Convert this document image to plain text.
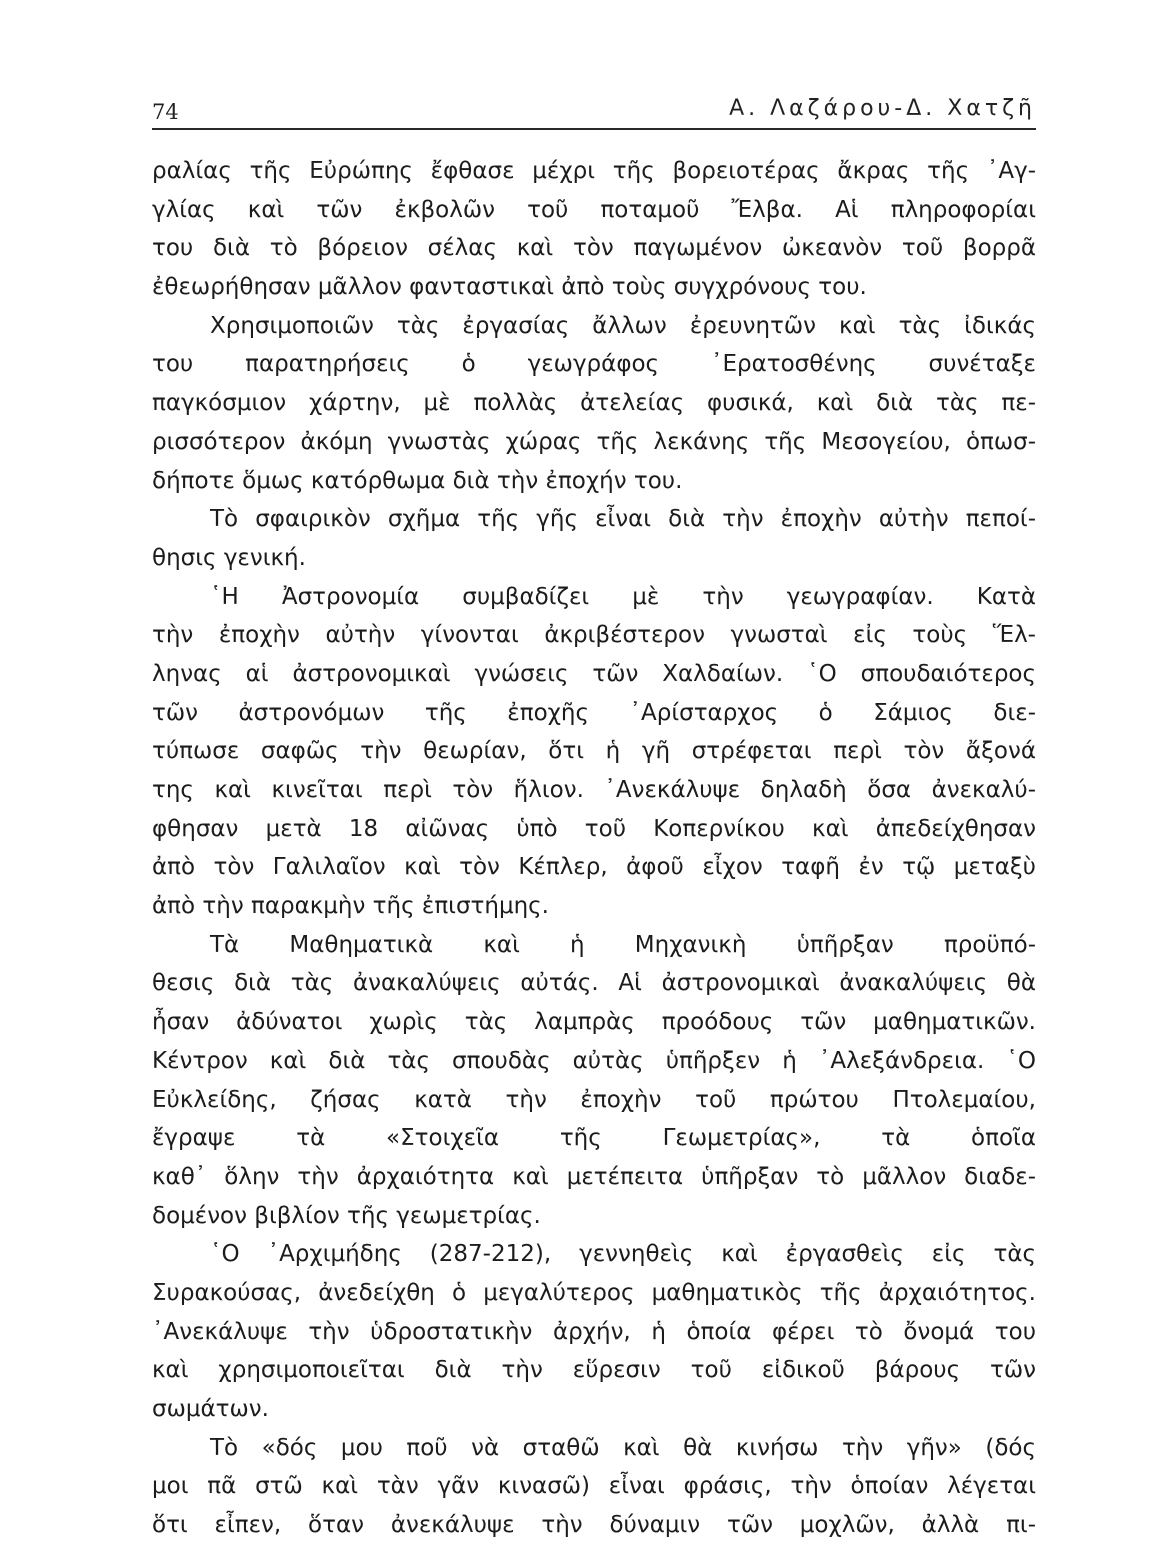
74	Α. Λαζάρου-Δ. Χατζῆ
ραλίας τῆς Εὐρώπης ἔφθασε μέχρι τῆς βορειοτέρας ἄκρας τῆς ᾿Αγ-
γλίας καὶ τῶν ἐκβολῶν τοῦ ποταμοῦ Ἔλβα. Αἱ πληροφορίαι
του διὰ τὸ βόρειον σέλας καὶ τὸν παγωμένον ὠκεανὸν τοῦ βορρᾶ
ἐθεωρήθησαν μᾶλλον φανταστικαὶ ἀπὸ τοὺς συγχρόνους του.
Χρησιμοποιῶν τὰς ἐργασίας ἄλλων ἐρευνητῶν καὶ τὰς ἰδικάς
του παρατηρήσεις ὁ γεωγράφος ᾿Ερατοσθένης συνέταξε
παγκόσμιον χάρτην, μὲ πολλὰς ἀτελείας φυσικά, καὶ διὰ τὰς πε-
ρισσότερον ἀκόμη γνωστὰς χώρας τῆς λεκάνης τῆς Μεσογείου, ὁπωσ-
δήποτε ὅμως κατόρθωμα διὰ τὴν ἐποχήν του.
Τὸ σφαιρικὸν σχῆμα τῆς γῆς εἶναι διὰ τὴν ἐποχὴν αὐτὴν πεποί-
θησις γενική.
῾Η Ἀστρονομία συμβαδίζει μὲ τὴν γεωγραφίαν. Κατὰ
τὴν ἐποχὴν αὐτὴν γίνονται ἀκριβέστερον γνωσταὶ εἰς τοὺς Ἕλ-
ληνας αἱ ἀστρονομικαὶ γνώσεις τῶν Χαλδαίων. ῾Ο σπουδαιότερος
τῶν ἀστρονόμων τῆς ἐποχῆς ᾿Αρίσταρχος ὁ Σάμιος διε-
τύπωσε σαφῶς τὴν θεωρίαν, ὅτι ἡ γῆ στρέφεται περὶ τὸν ἄξονά
της καὶ κινεῖται περὶ τὸν ἥλιον. ᾿Ανεκάλυψε δηλαδὴ ὅσα ἀνεκαλύ-
φθησαν μετὰ 18 αἰῶνας ὑπὸ τοῦ Κοπερνίκου καὶ ἀπεδείχθησαν
ἀπὸ τὸν Γαλιλαῖον καὶ τὸν Κέπλερ, ἀφοῦ εἶχον ταφῆ ἐν τῷ μεταξὺ
ἀπὸ τὴν παρακμὴν τῆς ἐπιστήμης.
Τὰ Μαθηματικὰ καὶ ἡ Μηχανικὴ ὑπῆρξαν προϋπό-
θεσις διὰ τὰς ἀνακαλύψεις αὐτάς. Αἱ ἀστρονομικαὶ ἀνακαλύψεις θὰ
ἦσαν ἀδύνατοι χωρὶς τὰς λαμπρὰς προόδους τῶν μαθηματικῶν.
Κέντρον καὶ διὰ τὰς σπουδὰς αὐτὰς ὑπῆρξεν ἡ ᾿Αλεξάνδρεια. ῾Ο
Εὐκλείδης, ζήσας κατὰ τὴν ἐποχὴν τοῦ πρώτου Πτολεμαίου,
ἔγραψε τὰ «Στοιχεῖα τῆς Γεωμετρίας», τὰ ὁποῖα
καθ᾿ ὅλην τὴν ἀρχαιότητα καὶ μετέπειτα ὑπῆρξαν τὸ μᾶλλον διαδε-
δομένον βιβλίον τῆς γεωμετρίας.
῾Ο ᾿Αρχιμήδης (287-212), γεννηθεὶς καὶ ἐργασθεὶς εἰς τὰς
Συρακούσας, ἀνεδείχθη ὁ μεγαλύτερος μαθηματικὸς τῆς ἀρχαιότητος.
᾿Ανεκάλυψε τὴν ὑδροστατικὴν ἀρχήν, ἡ ὁποία φέρει τὸ ὄνομά του
καὶ χρησιμοποιεῖται διὰ τὴν εὕρεσιν τοῦ εἰδικοῦ βάρους τῶν
σωμάτων.
Τὸ «δός μου ποῦ νὰ σταθῶ καὶ θὰ κινήσω τὴν γῆν» (δός
μοι πᾶ στῶ καὶ τὰν γᾶν κινασῶ) εἶναι φράσις, τὴν ὁποίαν λέγεται
ὅτι εἶπεν, ὅταν ἀνεκάλυψε τὴν δύναμιν τῶν μοχλῶν, ἀλλὰ πι-
